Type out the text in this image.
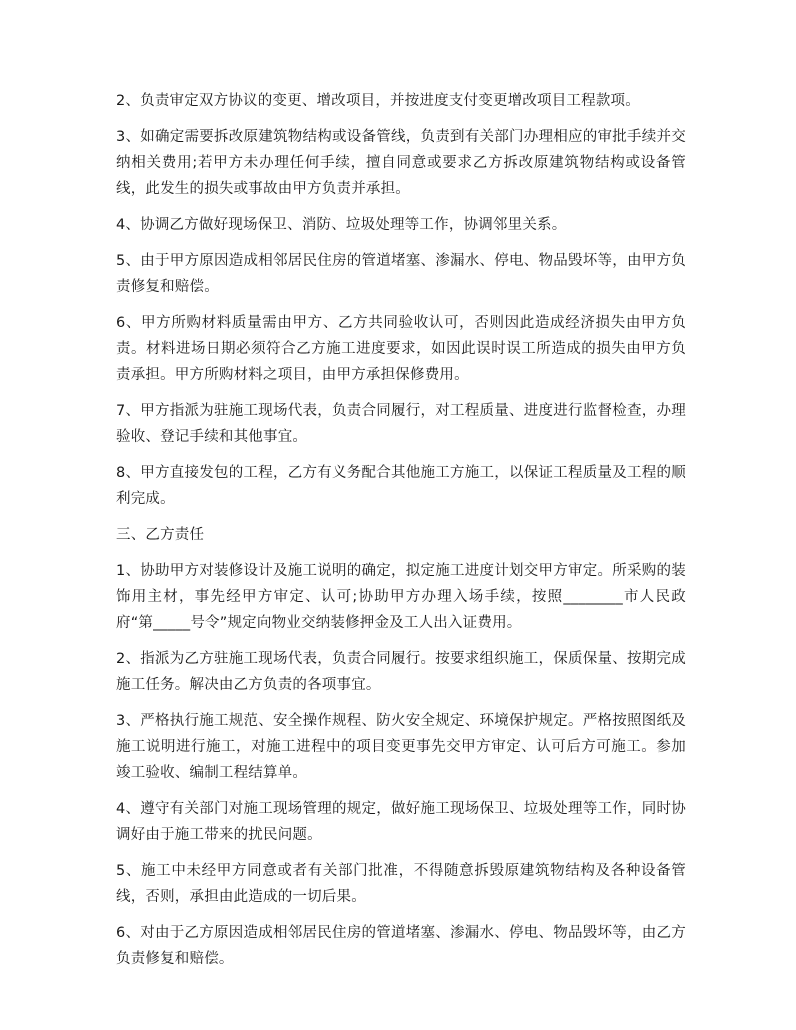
2、负责审定双方协议的变更、增改项目，并按进度支付变更增改项目工程款项。

3、如确定需要拆改原建筑物结构或设备管线，负责到有关部门办理相应的审批手续并交纳相关费用;若甲方未办理任何手续，擅自同意或要求乙方拆改原建筑物结构或设备管线，此发生的损失或事故由甲方负责并承担。

4、协调乙方做好现场保卫、消防、垃圾处理等工作，协调邻里关系。

5、由于甲方原因造成相邻居民住房的管道堵塞、渗漏水、停电、物品毁坏等，由甲方负责修复和赔偿。

6、甲方所购材料质量需由甲方、乙方共同验收认可，否则因此造成经济损失由甲方负责。材料进场日期必须符合乙方施工进度要求，如因此误时误工所造成的损失由甲方负责承担。甲方所购材料之项目，由甲方承担保修费用。

7、甲方指派为驻施工现场代表，负责合同履行，对工程质量、进度进行监督检查，办理验收、登记手续和其他事宜。

8、甲方直接发包的工程，乙方有义务配合其他施工方施工，以保证工程质量及工程的顺利完成。

三、乙方责任

1、协助甲方对装修设计及施工说明的确定，拟定施工进度计划交甲方审定。所采购的装饰用主材，事先经甲方审定、认可;协助甲方办理入场手续，按照________市人民政府“第_____号令”规定向物业交纳装修押金及工人出入证费用。

2、指派为乙方驻施工现场代表，负责合同履行。按要求组织施工，保质保量、按期完成施工任务。解决由乙方负责的各项事宜。

3、严格执行施工规范、安全操作规程、防火安全规定、环境保护规定。严格按照图纸及施工说明进行施工，对施工进程中的项目变更事先交甲方审定、认可后方可施工。参加竣工验收、编制工程结算单。

4、遵守有关部门对施工现场管理的规定，做好施工现场保卫、垃圾处理等工作，同时协调好由于施工带来的扰民问题。

5、施工中未经甲方同意或者有关部门批准，不得随意拆毁原建筑物结构及各种设备管线，否则，承担由此造成的一切后果。

6、对由于乙方原因造成相邻居民住房的管道堵塞、渗漏水、停电、物品毁坏等，由乙方负责修复和赔偿。
